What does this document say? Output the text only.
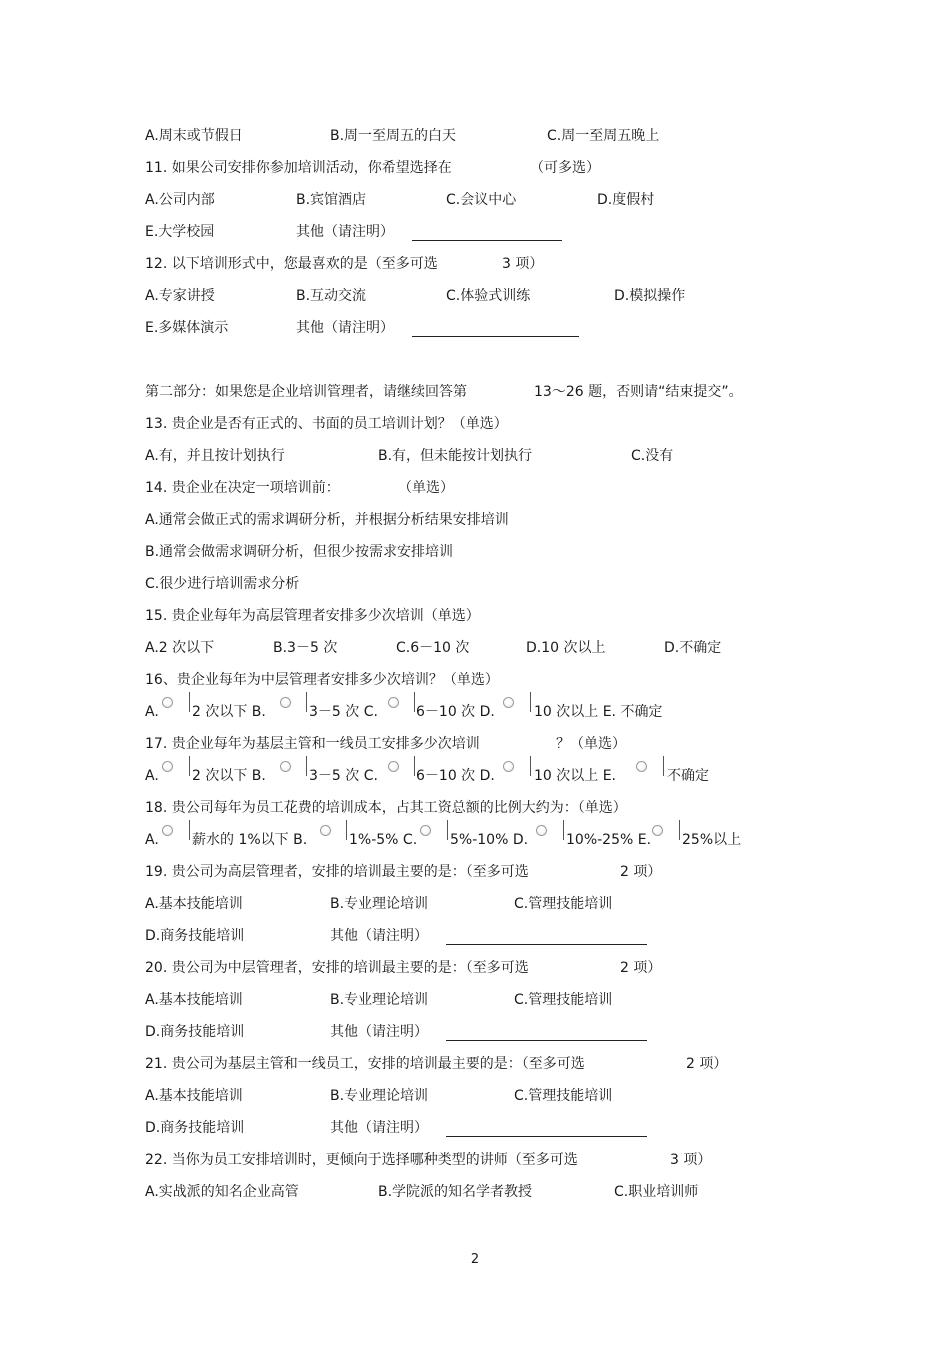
A.周末或节假日	B.周一至周五的白天	C.周一至周五晚上
11. 如果公司安排你参加培训活动，你希望选择在	（可多选）
A.公司内部	B.宾馆酒店	C.会议中心	D.度假村
E.大学校园	其他（请注明）
12. 以下培训形式中，您最喜欢的是（至多可选	3 项）
A.专家讲授	B.互动交流	C.体验式训练	D.模拟操作
E.多媒体演示	其他（请注明）
第二部分：如果您是企业培训管理者，请继续回答第	13～26 题，否则请“结束提交”。
13. 贵企业是否有正式的、书面的员工培训计划？（单选）
A.有，并且按计划执行	B.有，但未能按计划执行	C.没有
14. 贵企业在决定一项培训前：	（单选）
A.通常会做正式的需求调研分析，并根据分析结果安排培训
B.通常会做需求调研分析，但很少按需求安排培训
C.很少进行培训需求分析
15. 贵企业每年为高层管理者安排多少次培训（单选）
A.2 次以下	B.3－5 次	C.6－10 次	D.10 次以上	D.不确定
16、贵企业每年为中层管理者安排多少次培训？（单选）
A. 2 次以下 B.	3－5 次 C.	6－10 次 D.	10 次以上 E. 不确定
17. 贵企业每年为基层主管和一线员工安排多少次培训	？（单选）
A. 2 次以下 B.	3－5 次 C.	6－10 次 D.	10 次以上 E.	不确定
18. 贵公司每年为员工花费的培训成本，占其工资总额的比例大约为：（单选）
A. 薪水的 1%以下 B.	1%-5% C. 5%-10% D.	10%-25% E. 25%以上
19. 贵公司为高层管理者，安排的培训最主要的是：（至多可选	2 项）
A.基本技能培训	B.专业理论培训	C.管理技能培训
D.商务技能培训	其他（请注明）
20. 贵公司为中层管理者，安排的培训最主要的是：（至多可选	2 项）
A.基本技能培训	B.专业理论培训	C.管理技能培训
D.商务技能培训	其他（请注明）
21. 贵公司为基层主管和一线员工，安排的培训最主要的是：（至多可选	2 项）
A.基本技能培训	B.专业理论培训	C.管理技能培训
D.商务技能培训	其他（请注明）
22. 当你为员工安排培训时，更倾向于选择哪种类型的讲师（至多可选	3 项）
A.实战派的知名企业高管	B.学院派的知名学者教授	C.职业培训师
2
